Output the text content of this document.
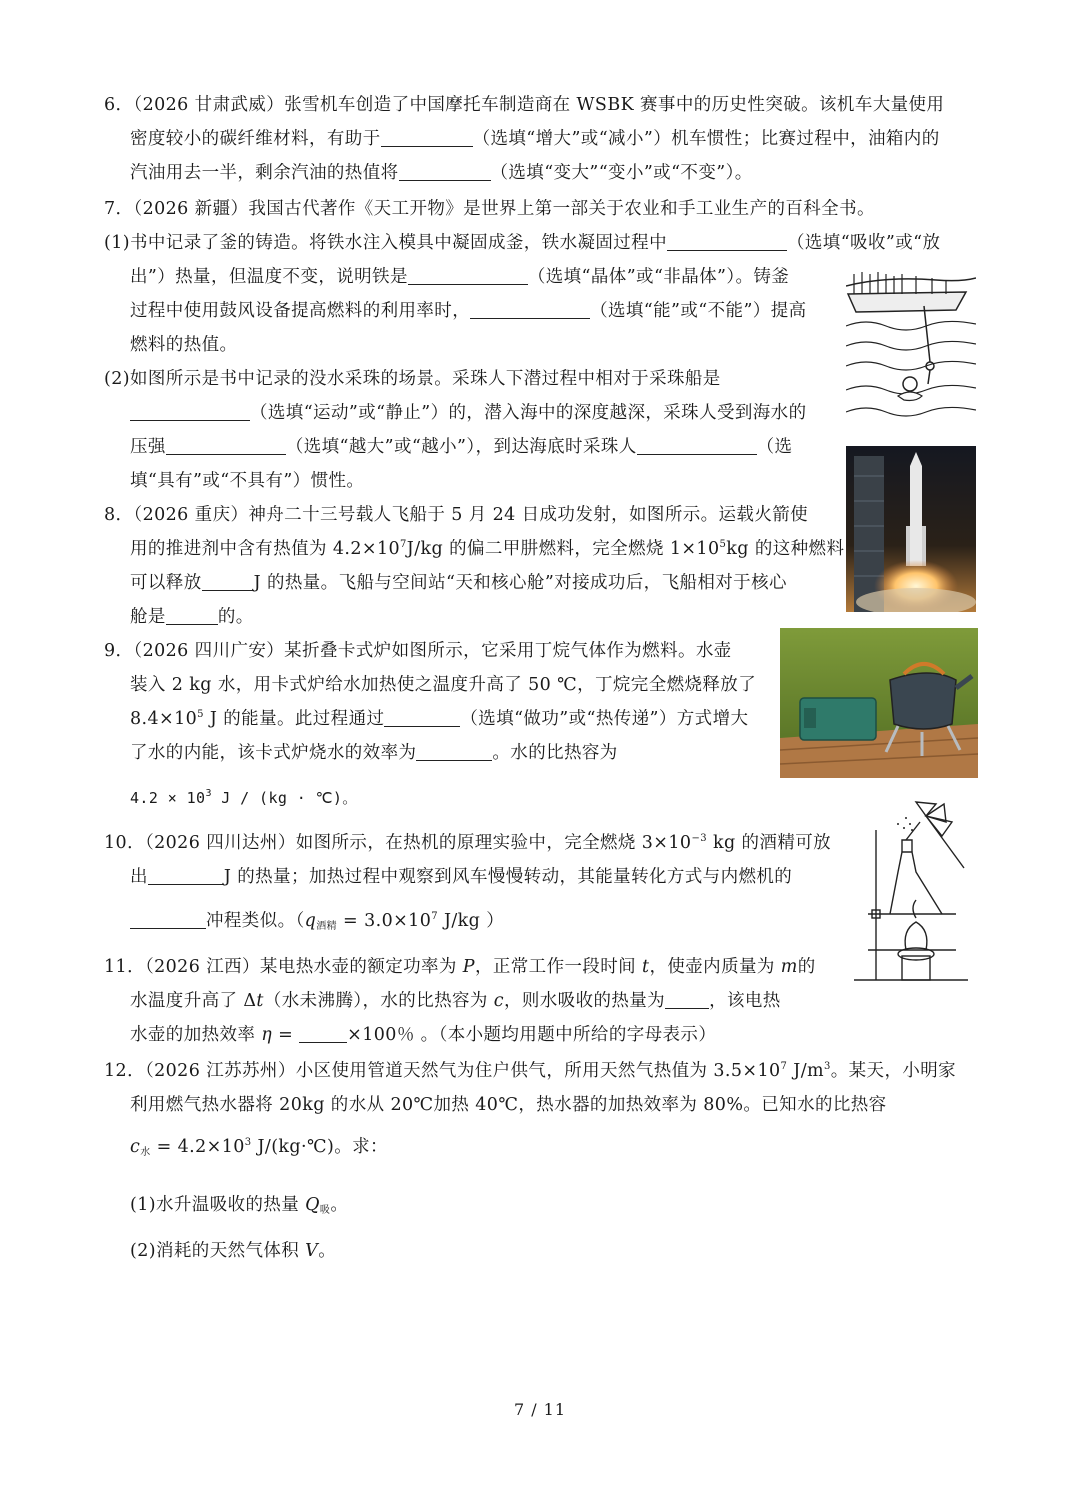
6．（2026 甘肃武威）张雪机车创造了中国摩托车制造商在 WSBK 赛事中的历史性突破。该机车大量使用
密度较小的碳纤维材料，有助于	（选填“增大”或“减小”）机车惯性；比赛过程中，油箱内的
汽油用去一半，剩余汽油的热值将	（选填“变大”“变小”或“不变”）。
7．（2026 新疆）我国古代著作《天工开物》是世界上第一部关于农业和手工业生产的百科全书。
(1)书中记录了釜的铸造。将铁水注入模具中凝固成釜，铁水凝固过程中	（选填“吸收”或“放
出”）热量，但温度不变，说明铁是	（选填“晶体”或“非晶体”）。铸釜
过程中使用鼓风设备提高燃料的利用率时，	（选填“能”或“不能”）提高
燃料的热值。
(2)如图所示是书中记录的没水采珠的场景。采珠人下潜过程中相对于采珠船是
（选填“运动”或“静止”）的，潜入海中的深度越深，采珠人受到海水的
压强	（选填“越大”或“越小”），到达海底时采珠人	（选
填“具有”或“不具有”）惯性。
8．（2026 重庆）神舟二十三号载人飞船于 5 月 24 日成功发射，如图所示。运载火箭使
用的推进剂中含有热值为 $4.2\times 10^7J/kg$ 的偏二甲肼燃料，完全燃烧 $1\times 10^5kg$ 的这种燃料
可以释放	J 的热量。飞船与空间站“天和核心舱”对接成功后，飞船相对于核心
舱是	的。
9．（2026 四川广安）某折叠卡式炉如图所示，它采用丁烷气体作为燃料。水壶
装入 2 kg 水，用卡式炉给水加热使之温度升高了 50 ℃，丁烷完全燃烧释放了
$8.4\times 10^5$ J 的能量。此过程通过	（选填“做功”或“热传递”）方式增大
了水的内能，该卡式炉烧水的效率为	。水的比热容为
$4.2 \times 10^3$ J / (kg · ℃)。
10．（2026 四川达州）如图所示，在热机的原理实验中，完全燃烧 $3\times 10^{-3}$ kg 的酒精可放
出	J 的热量；加热过程中观察到风车慢慢转动，其能量转化方式与内燃机的
冲程类似。（$q_{酒精} = 3.0\times 10^7$ J/kg ）
11．（2026 江西）某电热水壶的额定功率为 P，正常工作一段时间 t，使壶内质量为 m的
水温度升高了 Δt（水未沸腾），水的比热容为 c，则水吸收的热量为	，该电热
水壶的加热效率 η =	×100％ 。（本小题均用题中所给的字母表示）
12．（2026 江苏苏州）小区使用管道天然气为住户供气，所用天然气热值为 $3.5\times 10^7$ $J/m^3$。某天，小明家
利用燃气热水器将 20kg 的水从 20℃加热 40℃，热水器的加热效率为 80%。已知水的比热容
$c_水 = 4.2\times 10^3$ J/(kg·℃)。求：
(1)水升温吸收的热量 $Q_吸$。
(2)消耗的天然气体积 V。
7 / 11
